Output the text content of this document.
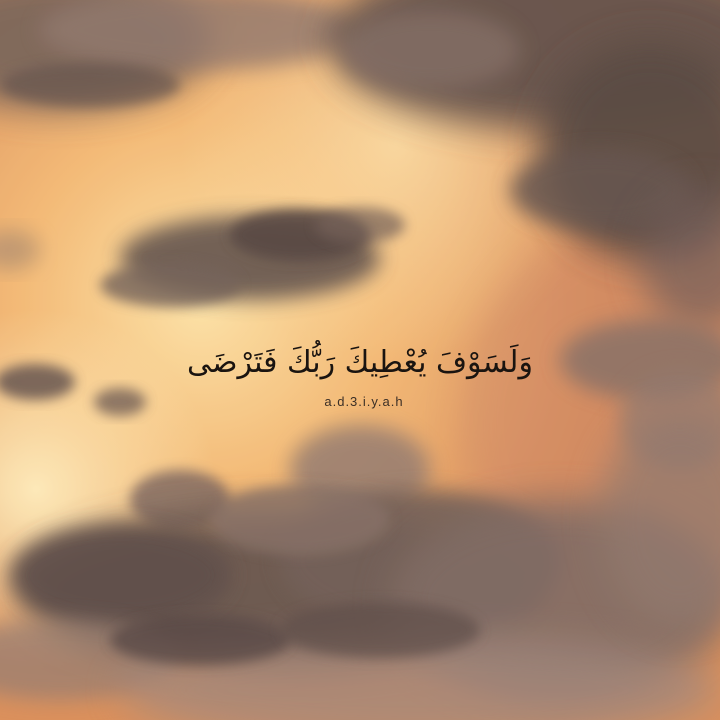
وَلَسَوْفَ يُعْطِيكَ رَبُّكَ فَتَرْضَى
a.d.3.i.y.a.h
